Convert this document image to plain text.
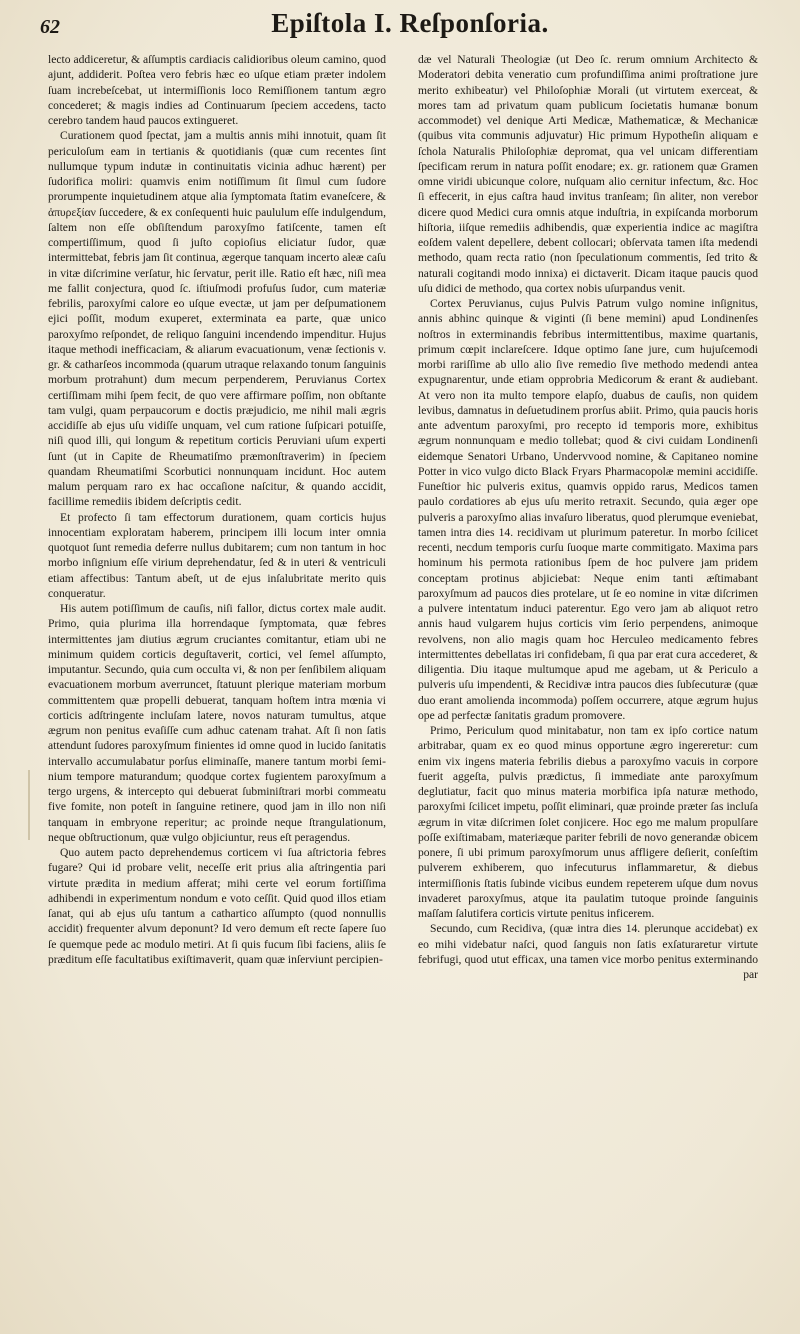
62	Epiſtola I. Reſponſoria.

lecto addiceretur, & aſſumptis cardiacis calidioribus oleum camino, quod ajunt, addiderit. Poſtea vero febris hæc eo uſque etiam præter indolem ſuam increbeſcebat, ut intermiſſionis loco Remiſſionem tantum ægro concederet; & magis indies ad Continuarum ſpeciem accedens, tacto cerebro tandem haud paucos extingueret.

Curationem quod ſpectat, jam a multis annis mihi innotuit, quam ſit periculoſum eam in tertianis & quotidianis (quæ cum recentes ſint nullumque typum indutæ in continuitatis vicinia adhuc hærent) per ſudorifica moliri: quamvis enim notiſſimum ſit ſimul cum ſudore prorumpente inquietudinem atque alia ſymptomata ſtatim evaneſcere, & ἀπυρεξίαν ſuccedere, & ex conſequenti huic paululum eſſe indulgendum, ſaltem non eſſe obſiſtendum paroxyſmo fatiſcente, tamen eſt compertiſſimum, quod ſi juſto copioſius eliciatur ſudor, quæ intermittebat, febris jam ſit continua, ægerque tanquam incerto aleæ caſu in vitæ diſcrimine verſatur, hic ſervatur, perit ille. Ratio eſt hæc, niſi mea me fallit conjectura, quod ſc. iſtiuſmodi profuſus ſudor, cum materiæ febrilis, paroxyſmi calore eo uſque evectæ, ut jam per deſpumationem ejici poſſit, modum exuperet, exterminata ea parte, quæ unico paroxyſmo reſpondet, de reliquo ſanguini incendendo impenditur. Hujus itaque methodi inefficaciam, & aliarum evacuationum, venæ ſectionis v. gr. & catharſeos incommoda (quarum utraque relaxando tonum ſanguinis morbum protrahunt) dum mecum perpenderem, Peruvianus Cortex certiſſimam mihi ſpem fecit, de quo vere affirmare poſſim, non obſtante tam vulgi, quam perpaucorum e doctis præjudicio, me nihil mali ægris accidiſſe ab ejus uſu vidiſſe unquam, vel cum ratione ſuſpicari potuiſſe, niſi quod illi, qui longum & repetitum corticis Peruviani uſum experti ſunt (ut in Capite de Rheumatiſmo præmonſtraverim) in ſpeciem quandam Rheumatiſmi Scorbutici nonnunquam incidunt. Hoc autem malum perquam raro ex hac occaſione naſcitur, & quando accidit, facillime remediis ibidem deſcriptis cedit.

Et profecto ſi tam effectorum durationem, quam corticis hujus innocentiam exploratam haberem, principem illi locum inter omnia quotquot ſunt remedia deferre nullus dubitarem; cum non tantum in hoc morbo inſignium eſſe virium deprehendatur, ſed & in uteri & ventriculi etiam affectibus: Tantum abeſt, ut de ejus inſalubritate merito quis conqueratur.

His autem potiſſimum de cauſis, niſi fallor, dictus cortex male audit. Primo, quia plurima illa horrendaque ſymptomata, quæ febres intermittentes jam diutius ægrum cruciantes comitantur, etiam ubi ne minimum quidem corticis deguſtaverit, cortici, vel ſemel aſſumpto, imputantur. Secundo, quia cum occulta vi, & non per ſenſibilem aliquam evacuationem morbum averruncet, ſtatuunt plerique materiam morbum committentem quæ propelli debuerat, tanquam hoſtem intra mœnia vi corticis adſtringente incluſam latere, novos naturam tumultus, atque ægrum non penitus evaſiſſe cum adhuc catenam trahat. Aſt ſi non ſatis attendunt ſudores paroxyſmum finientes id omne quod in lucido ſanitatis intervallo accumulabatur porſus eliminaſſe, manere tantum morbi ſeminium tempore maturandum; quodque cortex fugientem paroxyſmum a tergo urgens, & intercepto qui debuerat ſubminiſtrari morbi commeatu five fomite, non poteſt in ſanguine retinere, quod jam in illo non niſi tanquam in embryone reperitur; ac proinde neque ſtrangulationum, neque obſtructionum, quæ vulgo objiciuntur, reus eſt peragendus.

Quo autem pacto deprehendemus corticem vi ſua aſtrictoria febres fugare? Qui id probare velit, neceſſe erit prius alia aſtringentia pari virtute prædita in medium afferat; mihi certe vel eorum fortiſſima adhibendi in experimentum nondum e voto ceſſit. Quid quod illos etiam ſanat, qui ab ejus uſu tantum a cathartico aſſumpto (quod nonnullis accidit) frequenter alvum deponunt? Id vero demum eſt recte ſapere ſuo ſe quemque pede ac modulo metiri. At ſi quis fucum ſibi faciens, aliis ſe præditum eſſe facultatibus exiſtimaverit, quam quæ inſerviunt percipien-

dæ vel Naturali Theologiæ (ut Deo ſc. rerum omnium Architecto & Moderatori debita veneratio cum profundiſſima animi proſtratione jure merito exhibeatur) vel Philoſophiæ Morali (ut virtutem exerceat, & mores tam ad privatum quam publicum ſocietatis humanæ bonum accommodet) vel denique Arti Medicæ, Mathematicæ, & Mechanicæ (quibus vita communis adjuvatur) Hic primum Hypotheſin aliquam e ſchola Naturalis Philoſophiæ depromat, qua vel unicam differentiam ſpecificam rerum in natura poſſit enodare; ex. gr. rationem quæ Gramen omne viridi ubicunque colore, nuſquam alio cernitur infectum, &c. Hoc ſi effecerit, in ejus caſtra haud invitus tranſeam; ſin aliter, non verebor dicere quod Medici cura omnis atque induſtria, in expiſcanda morborum hiſtoria, iiſque remediis adhibendis, quæ experientia indice ac magiſtra eoſdem valent depellere, debent collocari; obſervata tamen iſta medendi methodo, quam recta ratio (non ſpeculationum commentis, ſed trito & naturali cogitandi modo innixa) ei dictaverit. Dicam itaque paucis quod uſu didici de methodo, qua cortex nobis uſurpandus venit.

Cortex Peruvianus, cujus Pulvis Patrum vulgo nomine inſignitus, annis abhinc quinque & viginti (ſi bene memini) apud Londinenſes noſtros in exterminandis febribus intermittentibus, maxime quartanis, primum cœpit inclareſcere. Idque optimo ſane jure, cum hujuſcemodi morbi rariſſime ab ullo alio ſive remedio ſive methodo medendi antea expugnarentur, unde etiam opprobria Medicorum & erant & audiebant. At vero non ita multo tempore elapſo, duabus de cauſis, non quidem levibus, damnatus in deſuetudinem prorſus abiit. Primo, quia paucis horis ante adventum paroxyſmi, pro recepto id temporis more, exhibitus ægrum nonnunquam e medio tollebat; quod & civi cuidam Londinenſi eidemque Senatori Urbano, Undervvood nomine, & Capitaneo nomine Potter in vico vulgo dicto Black Fryars Pharmacopolæ memini accidiſſe. Funeſtior hic pulveris exitus, quamvis oppido rarus, Medicos tamen paulo cordatiores ab ejus uſu merito retraxit. Secundo, quia æger ope pulveris a paroxyſmo alias invaſuro liberatus, quod plerumque eveniebat, tamen intra dies 14. recidivam ut plurimum pateretur. In morbo ſcilicet recenti, necdum temporis curſu ſuoque marte commitigato. Maxima pars hominum his permota rationibus ſpem de hoc pulvere jam pridem conceptam protinus abjiciebat: Neque enim tanti æſtimabant paroxyſmum ad paucos dies protelare, ut ſe eo nomine in vitæ diſcrimen a pulvere intentatum induci paterentur. Ego vero jam ab aliquot retro annis haud vulgarem hujus corticis vim ſerio perpendens, animoque revolvens, non alio magis quam hoc Herculeo medicamento febres intermittentes debellatas iri confidebam, ſi qua par erat cura accederet, & diligentia. Diu itaque multumque apud me agebam, ut & Periculo a pulveris uſu impendenti, & Recidivæ intra paucos dies ſubſecuturæ (quæ duo erant amolienda incommoda) poſſem occurrere, atque ægrum hujus ope ad perfectæ ſanitatis gradum promovere.

Primo, Periculum quod minitabatur, non tam ex ipſo cortice natum arbitrabar, quam ex eo quod minus opportune ægro ingereretur: cum enim vix ingens materia febrilis diebus a paroxyſmo vacuis in corpore fuerit aggeſta, pulvis prædictus, ſi immediate ante paroxyſmum deglutiatur, facit quo minus materia morbifica ipſa naturæ methodo, paroxyſmi ſcilicet impetu, poſſit eliminari, quæ proinde præter ſas incluſa ægrum in vitæ diſcrimen ſolet conjicere. Hoc ego me malum propulſare poſſe exiſtimabam, materiæque pariter febrili de novo generandæ obicem ponere, ſi ubi primum paroxyſmorum unus affligere deſierit, conſeſtim pulverem exhiberem, quo infecuturus inflammaretur, & diebus intermiſſionis ſtatis ſubinde vicibus eundem repeterem uſque dum novus invaderet paroxyſmus, atque ita paulatim tutoque proinde ſanguinis maſſam ſalutifera corticis virtute penitus inficerem.

Secundo, cum Recidiva, (quæ intra dies 14. plerunque accidebat) ex eo mihi videbatur naſci, quod ſanguis non ſatis exſaturaretur virtute febrifugi, quod utut efficax, una tamen vice morbo penitus exterminando par
